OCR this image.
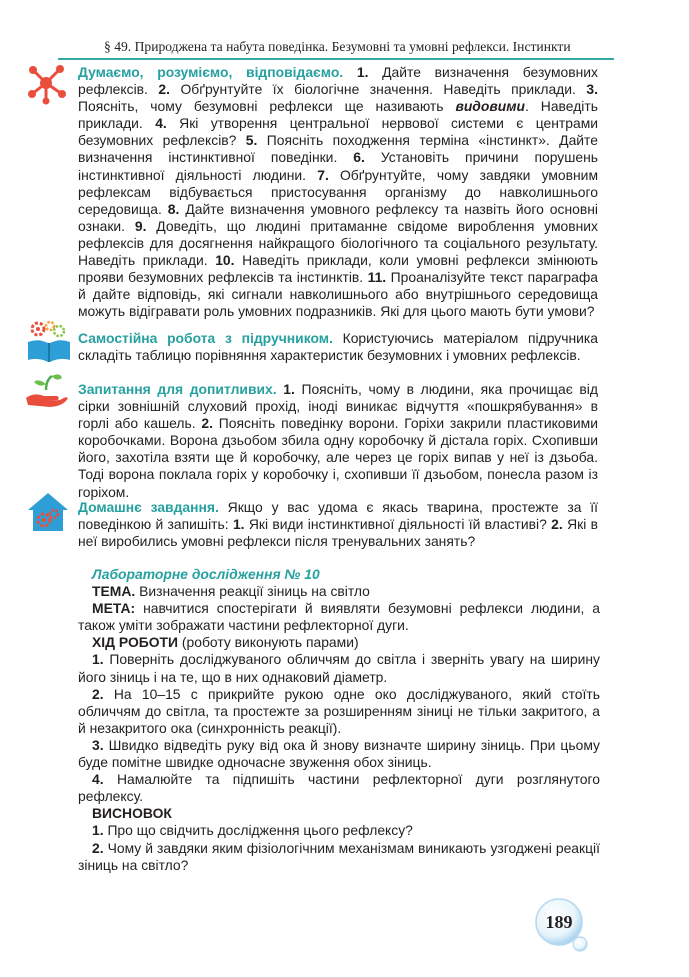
§ 49. Природжена та набута поведінка. Безумовні та умовні рефлекси. Інстинкти

Думаємо, розуміємо, відповідаємо. 1. Дайте визначення безумовних рефлексів. 2. Обґрунтуйте їх біологічне значення. Наведіть приклади. 3. Поясніть, чому безумовні рефлекси ще називають видовими. Наведіть приклади. 4. Які утворення центральної нервової системи є центрами безумовних рефлексів? 5. Поясніть походження терміна «інстинкт». Дайте визначення інстинктивної поведінки. 6. Установіть причини порушень інстинктивної діяльності людини. 7. Обґрунтуйте, чому завдяки умовним рефлексам відбувається пристосування організму до навколишнього середовища. 8. Дайте визначення умовного рефлексу та назвіть його основні ознаки. 9. Доведіть, що людині притаманне свідоме вироблення умовних рефлексів для досягнення найкращого біологічного та соціального результату. Наведіть приклади. 10. Наведіть приклади, коли умовні рефлекси змінюють прояви безумовних рефлексів та інстинктів. 11. Проаналізуйте текст параграфа й дайте відповідь, які сигнали навколишнього або внутрішнього середовища можуть відігравати роль умовних подразників. Які для цього мають бути умови?

Самостійна робота з підручником. Користуючись матеріалом підручника складіть таблицю порівняння характеристик безумовних і умовних рефлексів.

Запитання для допитливих. 1. Поясніть, чому в людини, яка прочищає від сірки зовнішній слуховий прохід, іноді виникає відчуття «пошкрябування» в горлі або кашель. 2. Поясніть поведінку ворони. Горіхи закрили пластиковими коробочками. Ворона дзьобом збила одну коробочку й дістала горіх. Схопивши його, захотіла взяти ще й коробочку, але через це горіх випав у неї із дзьоба. Тоді ворона поклала горіх у коробочку і, схопивши її дзьобом, понесла разом із горіхом.

Домашнє завдання. Якщо у вас удома є якась тварина, простежте за її поведінкою й запишіть: 1. Які види інстинктивної діяльності їй властиві? 2. Які в неї виробились умовні рефлекси після тренувальних занять?

Лабораторне дослідження № 10

ТЕМА. Визначення реакції зіниць на світло

МЕТА: навчитися спостерігати й виявляти безумовні рефлекси людини, а також уміти зображати частини рефлекторної дуги.

ХІД РОБОТИ (роботу виконують парами)

1. Поверніть досліджуваного обличчям до світла і зверніть увагу на ширину його зіниць і на те, що в них однаковий діаметр.

2. На 10–15 с прикрийте рукою одне око досліджуваного, який стоїть обличчям до світла, та простежте за розширенням зіниці не тільки закритого, а й незакритого ока (синхронність реакції).

3. Швидко відведіть руку від ока й знову визначте ширину зіниць. При цьому буде помітне швидке одночасне звуження обох зіниць.

4. Намалюйте та підпишіть частини рефлекторної дуги розглянутого рефлексу.

ВИСНОВОК

1. Про що свідчить дослідження цього рефлексу?

2. Чому й завдяки яким фізіологічним механізмам виникають узгоджені реакції зіниць на світло?

189
